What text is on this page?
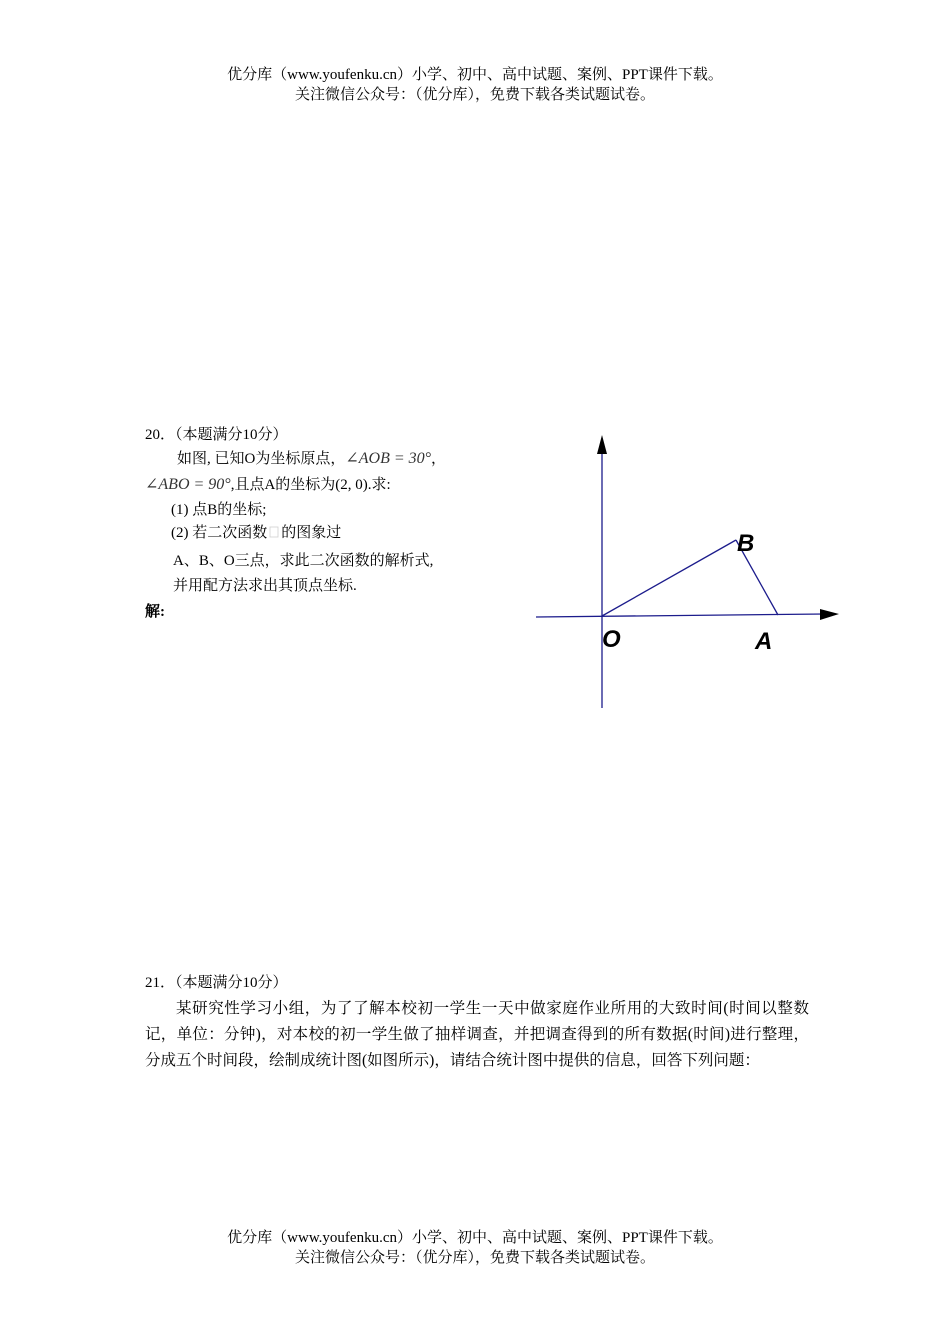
优分库（www.youfenku.cn）小学、初中、高中试题、案例、PPT课件下载。
关注微信公众号：（优分库），免费下载各类试题试卷。
20．（本题满分10分）
如图, 已知O为坐标原点，∠AOB = 30°，
∠ABO = 90°,且点A的坐标为(2, 0).求:
(1) 点B的坐标;
(2) 若二次函数 的图象过
A、B、O三点，求此二次函数的解析式,
并用配方法求出其顶点坐标.
解:
O	A
B
21．（本题满分10分）
某研究性学习小组，为了了解本校初一学生一天中做家庭作业所用的大致时间(时间以整数记，单位：分钟)，对本校的初一学生做了抽样调查，并把调查得到的所有数据(时间)进行整理，分成五个时间段，绘制成统计图(如图所示)，请结合统计图中提供的信息，回答下列问题：
优分库（www.youfenku.cn）小学、初中、高中试题、案例、PPT课件下载。
关注微信公众号：（优分库），免费下载各类试题试卷。
